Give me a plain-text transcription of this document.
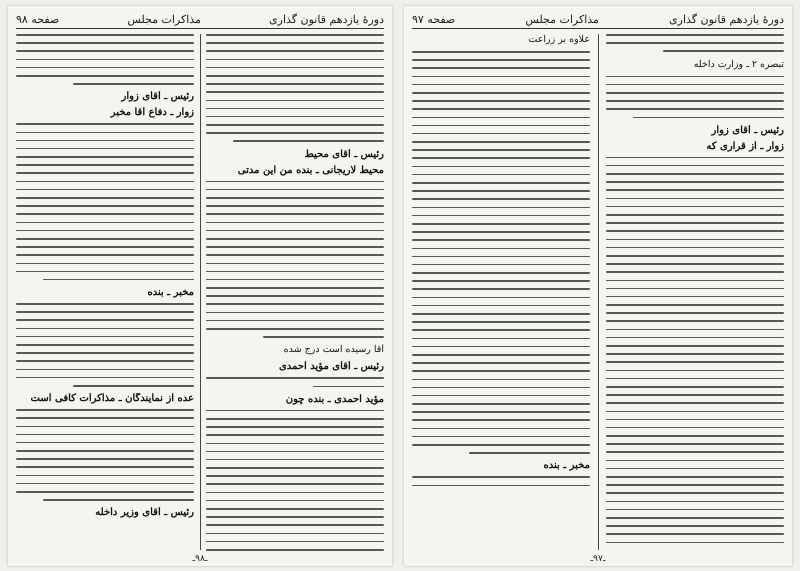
دورهٔ یازدهم قانون گذاری
مذاکرات مجلس
صفحه ۹۸
رئیس ـ آقای محیط
محیط لاریجانی ـ بنده من این مدتی
آقا رسیده است درج شده
رئیس ـ آقای مؤید احمدی
مؤید احمدی ـ بنده چون
رئیس ـ آقای زوار
زوار ـ دفاع آقا مخبر
مخبر ـ بنده
عده از نمایندگان ـ مذاکرات کافی است
رئیس ـ آقای وزیر داخله
ـ۹۸ـ
دورهٔ یازدهم قانون گذاری
مذاکرات مجلس
صفحه ۹۷
تبصره ۲ ـ وزارت داخله
رئیس ـ آقای زوار
زوار ـ از قراری که
علاوه بر زراعت
مخبر ـ بنده
ـ۹۷ـ
